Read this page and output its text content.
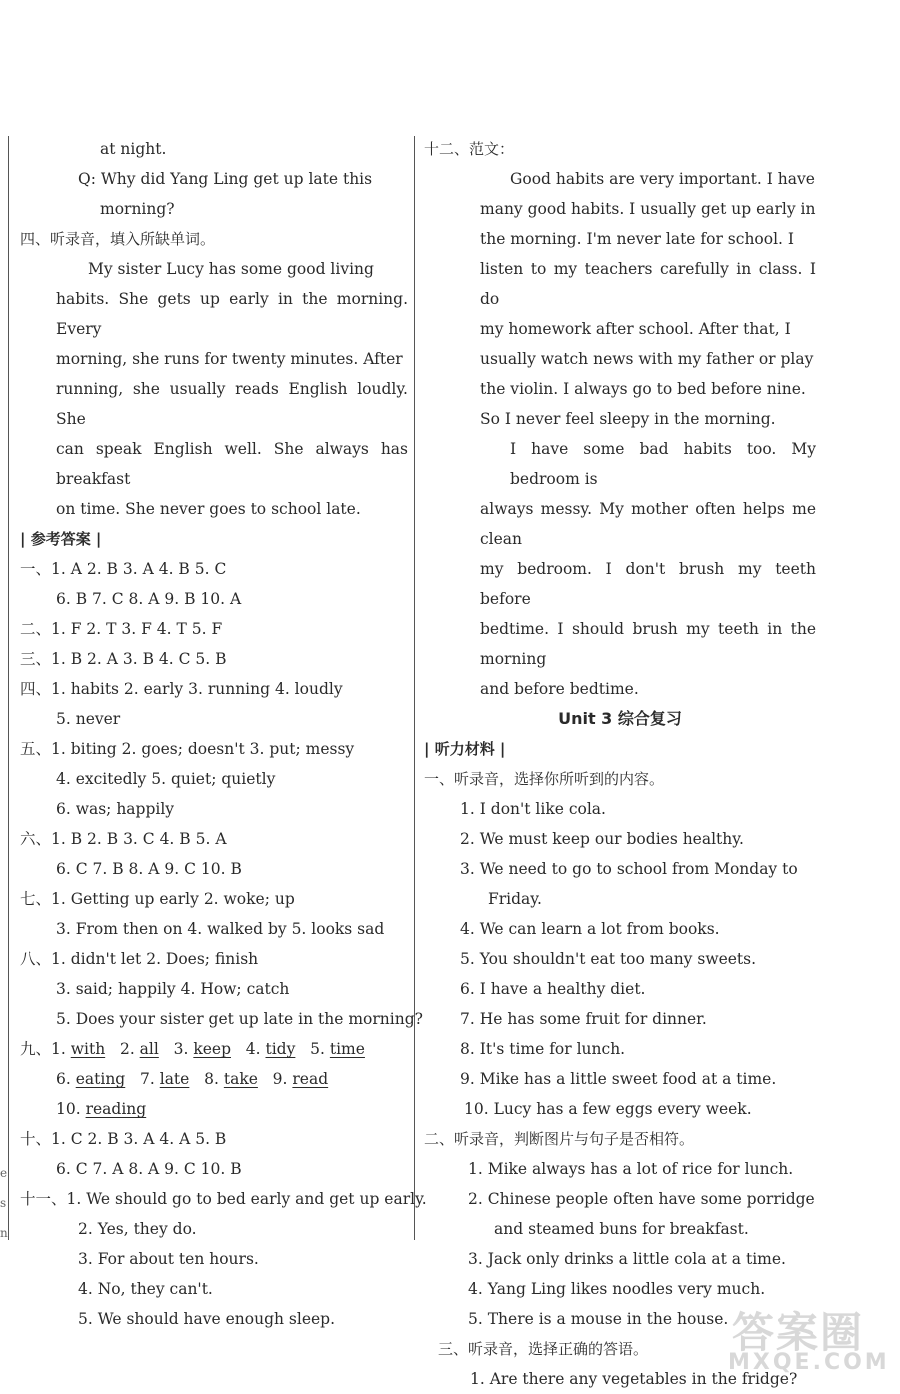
e
s
n
at night.
Q: Why did Yang Ling get up late this
morning?
四、听录音，填入所缺单词。
My sister Lucy has some good living
habits. She gets up early in the morning. Every
morning, she runs for twenty minutes. After
running, she usually reads English loudly. She
can speak English well. She always has breakfast
on time. She never goes to school late.
| 参考答案 |
一、1. A 2. B 3. A 4. B 5. C
6. B 7. C 8. A 9. B 10. A
二、1. F 2. T 3. F 4. T 5. F
三、1. B 2. A 3. B 4. C 5. B
四、1. habits 2. early 3. running 4. loudly
5. never
五、1. biting 2. goes; doesn't 3. put; messy
4. excitedly 5. quiet; quietly
6. was; happily
六、1. B 2. B 3. C 4. B 5. A
6. C 7. B 8. A 9. C 10. B
七、1. Getting up early 2. woke; up
3. From then on 4. walked by 5. looks sad
八、1. didn't let 2. Does; finish
3. said; happily 4. How; catch
5. Does your sister get up late in the morning?
九、1. with   2. all   3. keep   4. tidy   5. time
6. eating   7. late   8. take   9. read
10. reading
十、1. C 2. B 3. A 4. A 5. B
6. C 7. A 8. A 9. C 10. B
十一、1. We should go to bed early and get up early.
2. Yes, they do.
3. For about ten hours.
4. No, they can't.
5. We should have enough sleep.
十二、范文：
Good habits are very important. I have
many good habits. I usually get up early in
the morning. I'm never late for school. I
listen to my teachers carefully in class. I do
my homework after school. After that, I
usually watch news with my father or play
the violin. I always go to bed before nine.
So I never feel sleepy in the morning.
I have some bad habits too. My bedroom is
always messy. My mother often helps me clean
my bedroom. I don't brush my teeth before
bedtime. I should brush my teeth in the morning
and before bedtime.
Unit 3 综合复习
| 听力材料 |
一、听录音，选择你所听到的内容。
1. I don't like cola.
2. We must keep our bodies healthy.
3. We need to go to school from Monday to
Friday.
4. We can learn a lot from books.
5. You shouldn't eat too many sweets.
6. I have a healthy diet.
7. He has some fruit for dinner.
8. It's time for lunch.
9. Mike has a little sweet food at a time.
10. Lucy has a few eggs every week.
二、听录音，判断图片与句子是否相符。
1. Mike always has a lot of rice for lunch.
2. Chinese people often have some porridge
and steamed buns for breakfast.
3. Jack only drinks a little cola at a time.
4. Yang Ling likes noodles very much.
5. There is a mouse in the house.
三、听录音，选择正确的答语。
1. Are there any vegetables in the fridge?
答案圈
MXQE.COM
